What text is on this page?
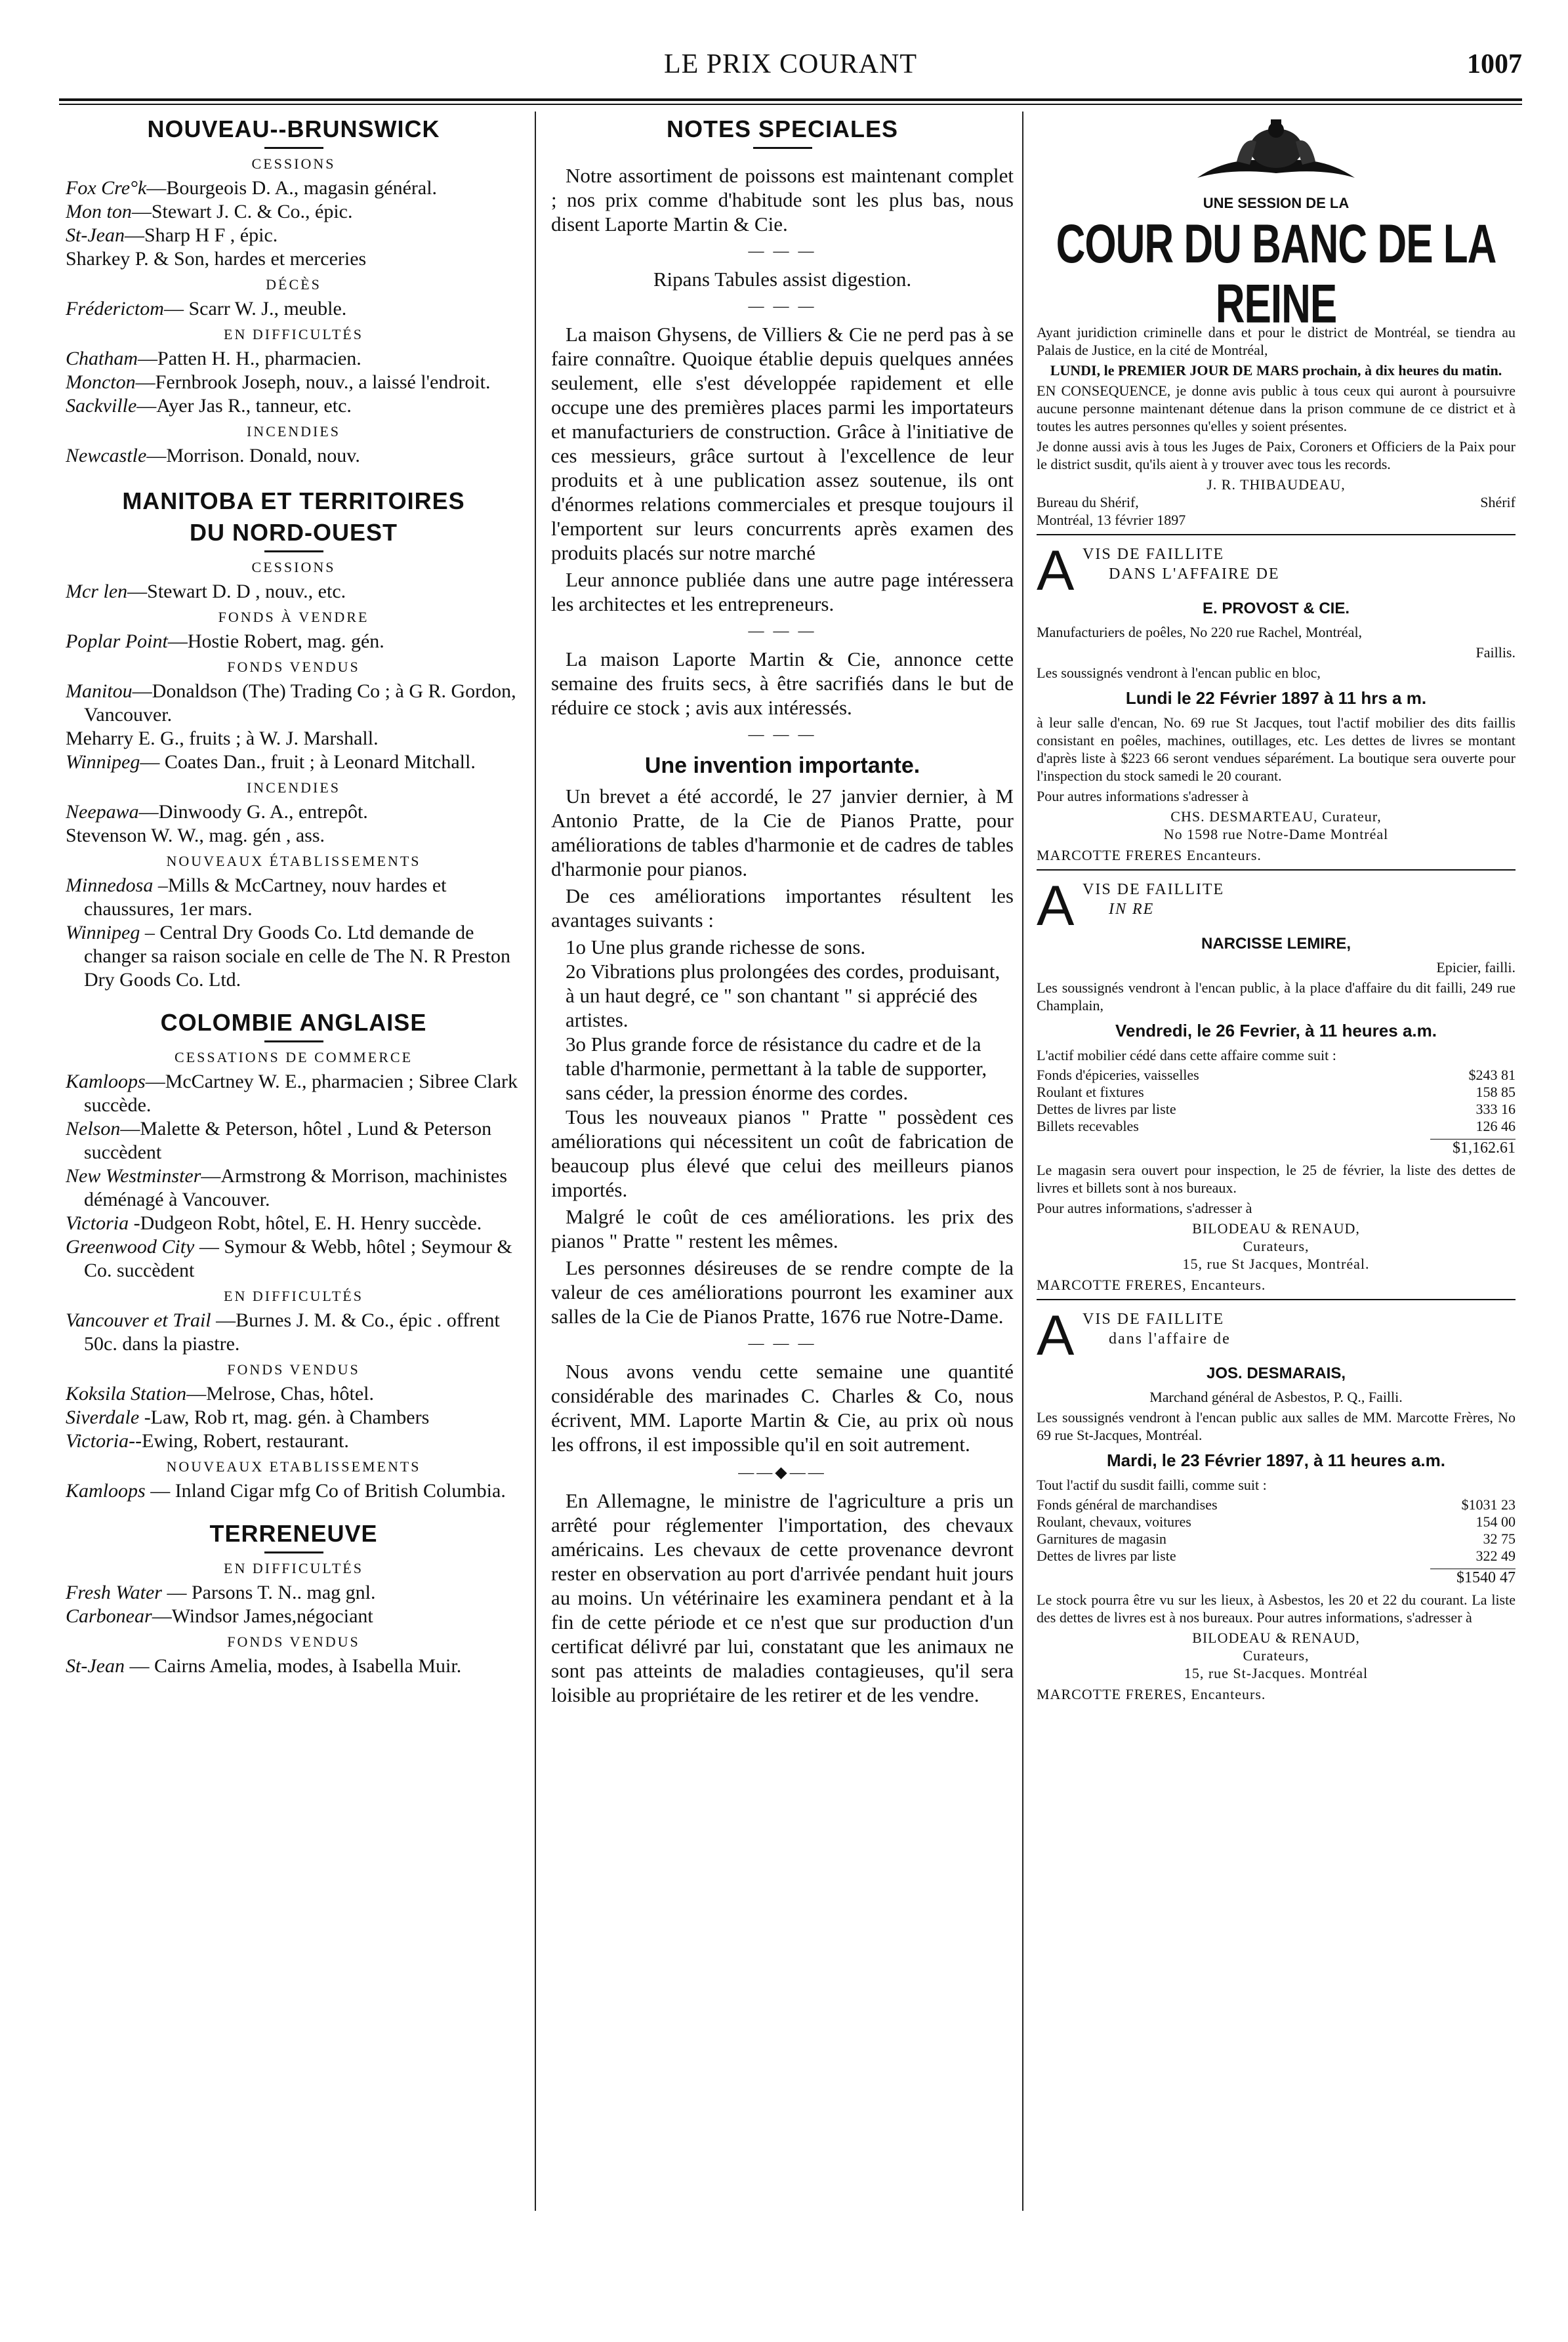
LE PRIX COURANT	1007
NOUVEAU--BRUNSWICK
CESSIONS

Fox Cre°k—Bourgeois D. A., magasin général.

Mon ton—Stewart J. C. & Co., épic.

St-Jean—Sharp H F , épic.

Sharkey P. & Son, hardes et merceries

DÉCÈS

Fréderictom— Scarr W. J., meuble.

EN DIFFICULTÉS

Chatham—Patten H. H., pharmacien.

Moncton—Fernbrook Joseph, nouv., a laissé l'endroit.

Sackville—Ayer Jas R., tanneur, etc.

INCENDIES

Newcastle—Morrison. Donald, nouv.

MANITOBA ET TERRITOIRES
DU NORD-OUEST
CESSIONS

Mcr len—Stewart D. D , nouv., etc.

FONDS À VENDRE

Poplar Point—Hostie Robert, mag. gén.

FONDS VENDUS

Manitou—Donaldson (The) Trading Co ; à G R. Gordon, Vancouver.

Meharry E. G., fruits ; à W. J. Marshall.

Winnipeg— Coates Dan., fruit ; à Leonard Mitchall.

INCENDIES

Neepawa—Dinwoody G. A., entrepôt.

Stevenson W. W., mag. gén , ass.

NOUVEAUX ÉTABLISSEMENTS

Minnedosa –Mills & McCartney, nouv hardes et chaussures, 1er mars.

Winnipeg – Central Dry Goods Co. Ltd demande de changer sa raison sociale en celle de The N. R Preston Dry Goods Co. Ltd.

COLOMBIE ANGLAISE
CESSATIONS DE COMMERCE

Kamloops—McCartney W. E., pharmacien ; Sibree Clark succède.

Nelson—Malette & Peterson, hôtel , Lund & Peterson succèdent

New Westminster—Armstrong & Morrison, machinistes déménagé à Vancouver.

Victoria -Dudgeon Robt, hôtel, E. H. Henry succède.

Greenwood City — Symour & Webb, hôtel ; Seymour & Co. succèdent

EN DIFFICULTÉS

Vancouver et Trail —Burnes J. M. & Co., épic . offrent 50c. dans la piastre.

FONDS VENDUS

Koksila Station—Melrose, Chas, hôtel.

Siverdale -Law, Rob rt, mag. gén. à Chambers

Victoria--Ewing, Robert, restaurant.

NOUVEAUX ETABLISSEMENTS

Kamloops — Inland Cigar mfg Co of British Columbia.

TERRENEUVE
EN DIFFICULTÉS

Fresh Water — Parsons T. N.. mag gnl.

Carbonear—Windsor James,négociant

FONDS VENDUS

St-Jean — Cairns Amelia, modes, à Isabella Muir.

NOTES SPECIALES

Notre assortiment de poissons est maintenant complet ; nos prix comme d'habitude sont les plus bas, nous disent Laporte Martin & Cie.

— — —

Ripans Tabules assist digestion.

— — —

La maison Ghysens, de Villiers & Cie ne perd pas à se faire connaître. Quoique établie depuis quelques années seulement, elle s'est développée rapidement et elle occupe une des premières places parmi les importateurs et manufacturiers de construction. Grâce à l'initiative de ces messieurs, grâce surtout à l'excellence de leur produits et à une publication assez soutenue, ils ont d'énormes relations commerciales et presque toujours il l'emportent sur leurs concurrents après examen des produits placés sur notre marché

Leur annonce publiée dans une autre page intéressera les architectes et les entrepreneurs.

— — —

La maison Laporte Martin & Cie, annonce cette semaine des fruits secs, à être sacrifiés dans le but de réduire ce stock ; avis aux intéressés.

— — —
Une invention importante.

Un brevet a été accordé, le 27 janvier dernier, à M Antonio Pratte, de la Cie de Pianos Pratte, pour améliorations de tables d'harmonie et de cadres de tables d'harmonie pour pianos.

De ces améliorations importantes résultent les avantages suivants :

1o Une plus grande richesse de sons.

2o Vibrations plus prolongées des cordes, produisant, à un haut degré, ce " son chantant " si apprécié des artistes.

3o Plus grande force de résistance du cadre et de la table d'harmonie, permettant à la table de supporter, sans céder, la pression énorme des cordes.

Tous les nouveaux pianos " Pratte " possèdent ces améliorations qui nécessitent un coût de fabrication de beaucoup plus élevé que celui des meilleurs pianos importés.

Malgré le coût de ces améliorations. les prix des pianos " Pratte " restent les mêmes.

Les personnes désireuses de se rendre compte de la valeur de ces améliorations pourront les examiner aux salles de la Cie de Pianos Pratte, 1676 rue Notre-Dame.

— — —

Nous avons vendu cette semaine une quantité considérable des marinades C. Charles & Co, nous écrivent, MM. Laporte Martin & Cie, au prix où nous les offrons, il est impossible qu'il en soit autrement.

——◆——

En Allemagne, le ministre de l'agriculture a pris un arrêté pour réglementer l'importation, des chevaux américains. Les chevaux de cette provenance devront rester en observation au port d'arrivée pendant huit jours au moins. Un vétérinaire les examinera pendant et à la fin de cette période et ce n'est que sur production d'un certificat délivré par lui, constatant que les animaux ne sont pas atteints de maladies contagieuses, qu'il sera loisible au propriétaire de les retirer et de les vendre.

UNE SESSION DE LA
COUR DU BANC DE LA REINE

Ayant juridiction criminelle dans et pour le district de Montréal, se tiendra au Palais de Justice, en la cité de Montréal,

LUNDI, le PREMIER JOUR DE MARS prochain, à dix heures du matin.

EN CONSEQUENCE, je donne avis public à tous ceux qui auront à poursuivre aucune personne maintenant détenue dans la prison commune de ce district et à toutes les autres personnes qu'elles y soient présentes.

Je donne aussi avis à tous les Juges de Paix, Coroners et Officiers de la Paix pour le district susdit, qu'ils aient à y trouver avec tous les records.

J. R. THIBAUDEAU,
Bureau du Shérif,	Shérif
Montréal, 13 février 1897
A VIS DE FAILLITE
DANS L'AFFAIRE DE
E. PROVOST & CIE.

Manufacturiers de poêles, No 220 rue Rachel, Montréal,

Faillis.

Les soussignés vendront à l'encan public en bloc,

Lundi le 22 Février 1897 à 11 hrs a m.

à leur salle d'encan, No. 69 rue St Jacques, tout l'actif mobilier des dits faillis consistant en poêles, machines, outillages, etc. Les dettes de livres se montant d'après liste à $223 66 seront vendues séparément. La boutique sera ouverte pour l'inspection du stock samedi le 20 courant.

Pour autres informations s'adresser à

CHS. DESMARTEAU, Curateur,
No 1598 rue Notre-Dame Montréal
MARCOTTE FRERES Encanteurs.
A VIS DE FAILLITE
IN RE
NARCISSE LEMIRE,
Epicier, failli.

Les soussignés vendront à l'encan public, à la place d'affaire du dit failli, 249 rue Champlain,

Vendredi, le 26 Fevrier, à 11 heures a.m.

L'actif mobilier cédé dans cette affaire comme suit :

Fonds d'épiceries, vaisselles	$243 81
Roulant et fixtures	158 85
Dettes de livres par liste	333 16
Billets recevables	126 46
$1,162.61

Le magasin sera ouvert pour inspection, le 25 de février, la liste des dettes de livres et billets sont à nos bureaux.

Pour autres informations, s'adresser à

BILODEAU & RENAUD,
Curateurs,
15, rue St Jacques, Montréal.
MARCOTTE FRERES, Encanteurs.
A VIS DE FAILLITE
dans l'affaire de
JOS. DESMARAIS,
Marchand général de Asbestos, P. Q., Failli.

Les soussignés vendront à l'encan public aux salles de MM. Marcotte Frères, No 69 rue St-Jacques, Montréal.

Mardi, le 23 Février 1897, à 11 heures a.m.

Tout l'actif du susdit failli, comme suit :

Fonds général de marchandises	$1031 23
Roulant, chevaux, voitures	154 00
Garnitures de magasin	32 75
Dettes de livres par liste	322 49
$1540 47

Le stock pourra être vu sur les lieux, à Asbestos, les 20 et 22 du courant. La liste des dettes de livres est à nos bureaux. Pour autres informations, s'adresser à

BILODEAU & RENAUD,
Curateurs,
15, rue St-Jacques. Montréal
MARCOTTE FRERES, Encanteurs.
